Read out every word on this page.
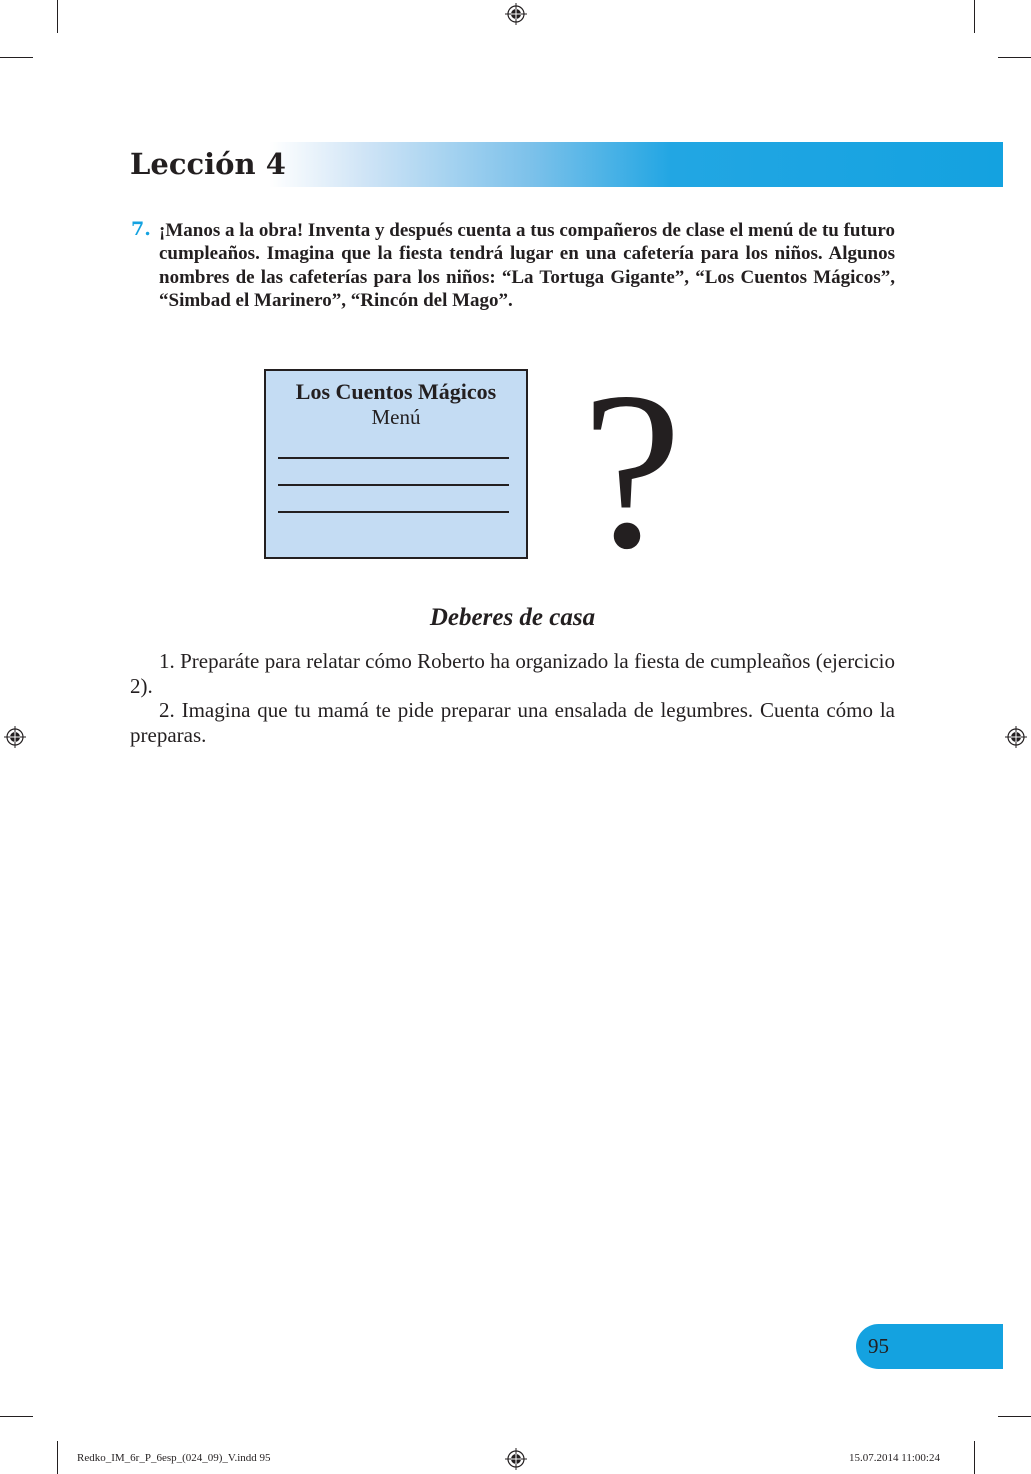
Lección 4
7. ¡Manos a la obra! Inventa y después cuenta a tus compañeros de clase el menú de tu futuro cumpleaños. Imagina que la fiesta tendrá lugar en una cafetería para los niños. Algunos nombres de las cafeterías para los niños: “La Tortuga Gigante”, “Los Cuentos Mágicos”, “Simbad el Marinero”, “Rincón del Mago”.

Los Cuentos Mágicos
Menú ?
Deberes de casa

1. Preparáte para relatar cómo Roberto ha organizado la fiesta de cumpleaños (ejercicio 2).

2. Imagina que tu mamá te pide preparar una ensalada de legumbres. Cuenta cómo la preparas.

95
Redko_IM_6r_P_6esp_(024_09)_V.indd 95	15.07.2014 11:00:24
